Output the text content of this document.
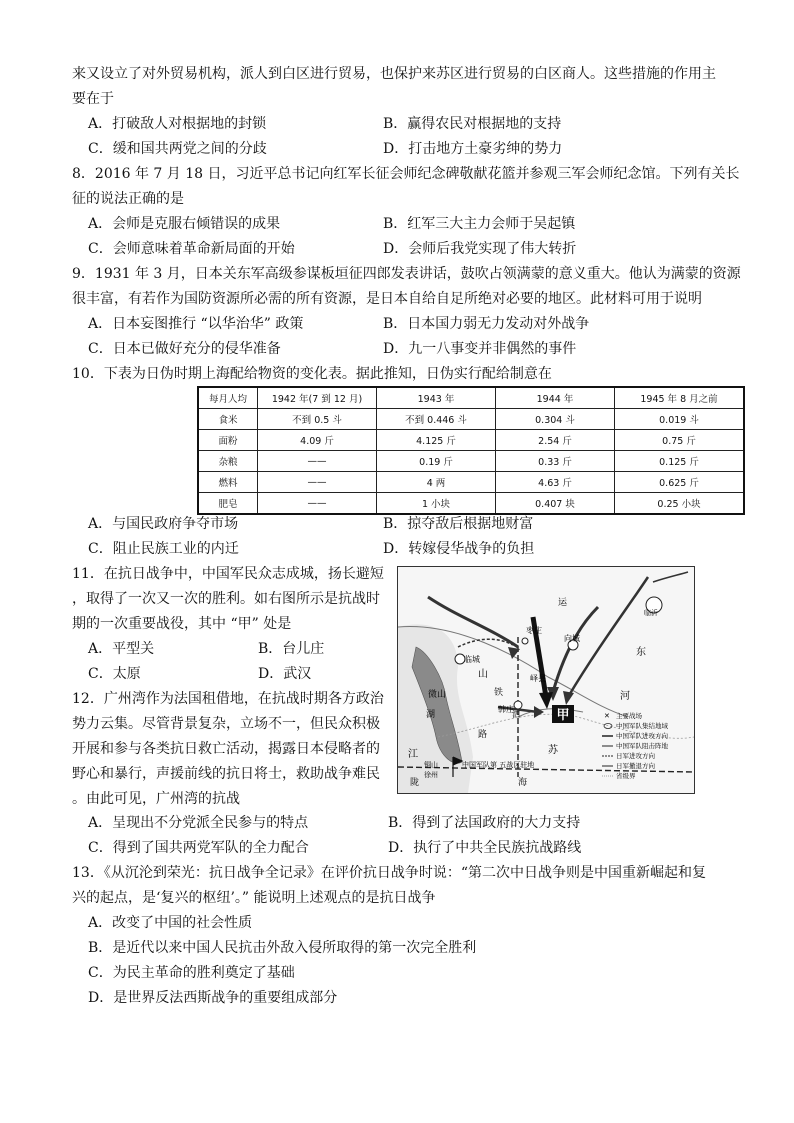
来又设立了对外贸易机构，派人到白区进行贸易，也保护来苏区进行贸易的白区商人。这些措施的作用主
要在于
A．打破敌人对根据地的封锁	B．赢得农民对根据地的支持
C．缓和国共两党之间的分歧	D．打击地方土豪劣绅的势力
8．2016 年 7 月 18 日，习近平总书记向红军长征会师纪念碑敬献花篮并参观三军会师纪念馆。下列有关长
征的说法正确的是
A．会师是克服右倾错误的成果	B．红军三大主力会师于吴起镇
C．会师意味着革命新局面的开始	D．会师后我党实现了伟大转折
9．1931 年 3 月，日本关东军高级参谋板垣征四郎发表讲话，鼓吹占领满蒙的意义重大。他认为满蒙的资源
很丰富，有若作为国防资源所必需的所有资源，是日本自给自足所绝对必要的地区。此材料可用于说明
A．日本妄图推行 “以华治华” 政策	B．日本国力弱无力发动对外战争
C．日本已做好充分的侵华准备	D．九一八事变并非偶然的事件
10．下表为日伪时期上海配给物资的变化表。据此推知，日伪实行配给制意在
每月人均	1942 年(7 到 12 月)	1943 年	1944 年	1945 年 8 月之前
食米	不到 0.5 斗	不到 0.446 斗	0.304 斗	0.019 斗
面粉	4.09 斤	4.125 斤	2.54 斤	0.75 斤
杂粮	——	0.19 斤	0.33 斤	0.125 斤
燃料	——	4 两	4.63 斤	0.625 斤
肥皂	——	1 小块	0.407 块	0.25 小块
A．与国民政府争夺市场	B．掠夺敌后根据地财富
C．阻止民族工业的内迁	D．转嫁侵华战争的负担
11．在抗日战争中，中国军民众志成城，扬长避短
，取得了一次又一次的胜利。如右图所示是抗战时
期的一次重要战役，其中 “甲” 处是
A．平型关	B．台儿庄
C．太原	D．武汉
甲
枣庄
峄县
临城
韩庄
向城
运
山
东
河
苏
江
湖
路
铁
陇	海
徐州
微山
临沂
铜山
泗
中国军队第 五战区驻地
✕ 主要战场
中国军队集结地域
中国军队进攻方向
中国军队阻击阵地
日军进攻方向
日军撤退方向
省级界
12．广州湾作为法国租借地，在抗战时期各方政治
势力云集。尽管背景复杂，立场不一，但民众积极
开展和参与各类抗日救亡活动，揭露日本侵略者的
野心和暴行，声援前线的抗日将士，救助战争难民
。由此可见，广州湾的抗战
A．呈现出不分党派全民参与的特点	B．得到了法国政府的大力支持
C．得到了国共两党军队的全力配合	D．执行了中共全民族抗战路线
13．《从沉沦到荣光：抗日战争全记录》在评价抗日战争时说：“第二次中日战争则是中国重新崛起和复
兴的起点，是‘复兴的枢纽’。” 能说明上述观点的是抗日战争
A．改变了中国的社会性质
B．是近代以来中国人民抗击外敌入侵所取得的第一次完全胜利
C．为民主革命的胜利奠定了基础
D．是世界反法西斯战争的重要组成部分
